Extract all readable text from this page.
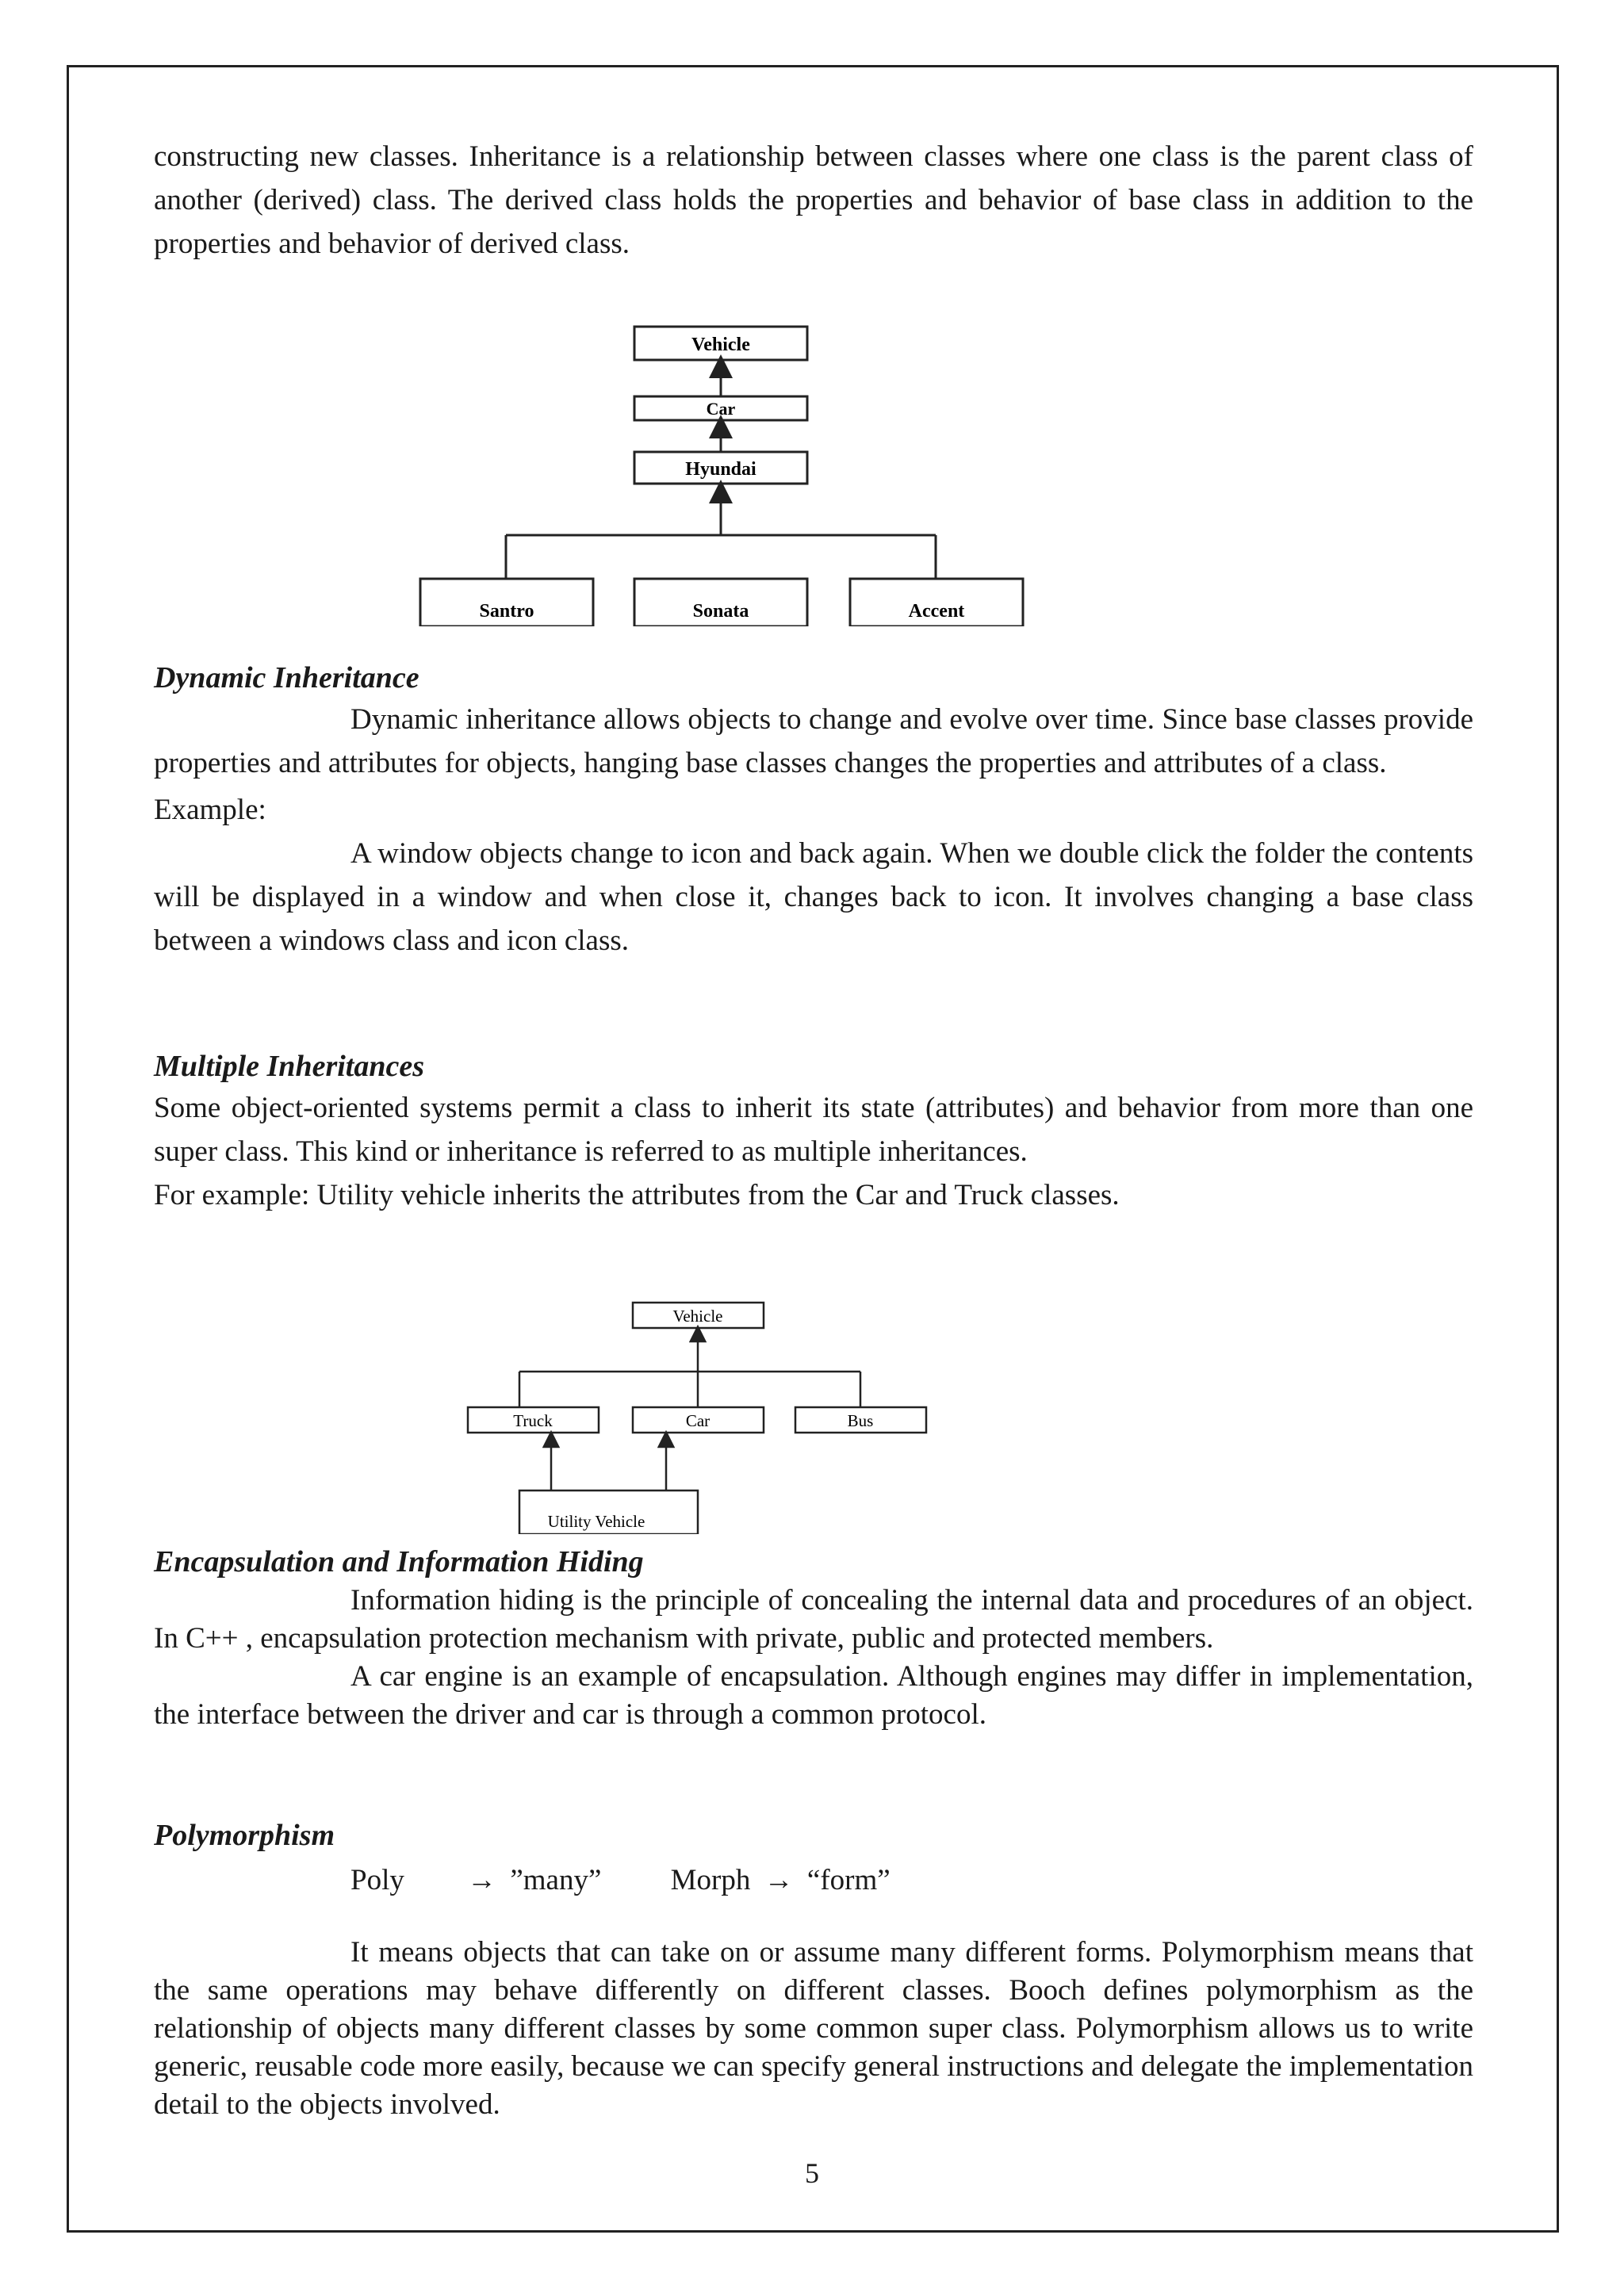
constructing new classes. Inheritance is a relationship between classes where one class is the parent class of another (derived) class. The derived class holds the properties and behavior of base class in addition to the properties and behavior of derived class.

Vehicle
Car
Hyundai
Santro	Sonata	Accent

Dynamic Inheritance

Dynamic inheritance allows objects to change and evolve over time. Since base classes provide properties and attributes for objects, hanging base classes changes the properties and attributes of a class.

Example:

A window objects change to icon and back again. When we double click the folder the contents will be displayed in a window and when close it, changes back to icon. It involves changing a base class between a windows class and icon class.

Multiple Inheritances

Some object-oriented systems permit a class to inherit its state (attributes) and behavior from more than one super class. This kind or inheritance is referred to as multiple inheritances.

For example: Utility vehicle inherits the attributes from the Car and Truck classes.

Vehicle
Truck	Car	Bus
Utility Vehicle

Encapsulation and Information Hiding

Information hiding is the principle of concealing the internal data and procedures of an object. In C++ , encapsulation protection mechanism with private, public and protected members.

A car engine is an example of encapsulation. Although engines may differ in implementation, the interface between the driver and car is through a common protocol.

Polymorphism

Poly → ”many” Morph → “form”

It means objects that can take on or assume many different forms. Polymorphism means that the same operations may behave differently on different classes. Booch defines polymorphism as the relationship of objects many different classes by some common super class. Polymorphism allows us to write generic, reusable code more easily, because we can specify general instructions and delegate the implementation detail to the objects involved.

5
